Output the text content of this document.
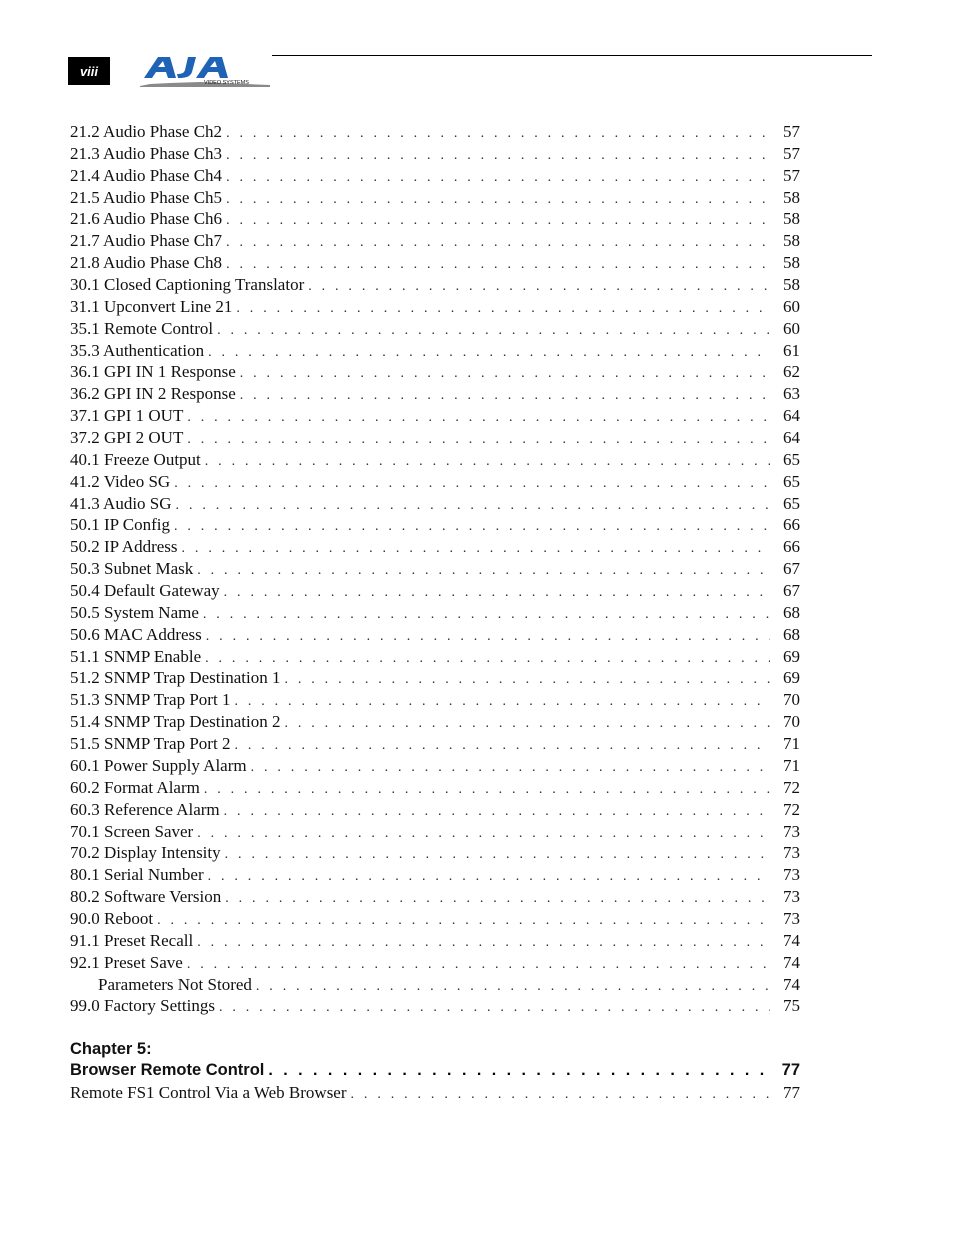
viii
VIDEO SYSTEMS
21.2 Audio Phase Ch2 . . .	57
21.3 Audio Phase Ch3 . . .	57
21.4 Audio Phase Ch4 . . .	57
21.5 Audio Phase Ch5 . . .	58
21.6 Audio Phase Ch6 . . .	58
21.7 Audio Phase Ch7 . . .	58
21.8 Audio Phase Ch8 . . .	58
30.1 Closed Captioning Translator . . .	58
31.1 Upconvert Line 21 . . .	60
35.1 Remote Control . . .	60
35.3 Authentication . . .	61
36.1 GPI IN 1 Response . . .	62
36.2 GPI IN 2 Response . . .	63
37.1 GPI 1 OUT . . .	64
37.2 GPI 2 OUT . . .	64
40.1 Freeze Output . . .	65
41.2 Video SG . . .	65
41.3 Audio SG . . .	65
50.1 IP Config . . .	66
50.2 IP Address . . .	66
50.3 Subnet Mask . . .	67
50.4 Default Gateway . . .	67
50.5 System Name . . .	68
50.6 MAC Address . . .	68
51.1 SNMP Enable . . .	69
51.2 SNMP Trap Destination 1 . . .	69
51.3 SNMP Trap Port 1 . . .	70
51.4 SNMP Trap Destination 2 . . .	70
51.5 SNMP Trap Port 2 . . .	71
60.1 Power Supply Alarm . . .	71
60.2 Format Alarm . . .	72
60.3 Reference Alarm . . .	72
70.1 Screen Saver . . .	73
70.2 Display Intensity . . .	73
80.1 Serial Number . . .	73
80.2 Software Version . . .	73
90.0 Reboot . . .	73
91.1 Preset Recall . . .	74
92.1 Preset Save . . .	74
Parameters Not Stored . . .	74
99.0 Factory Settings . . .	75
Chapter 5:
Browser Remote Control . . .	77
Remote FS1 Control Via a Web Browser . . .	77
